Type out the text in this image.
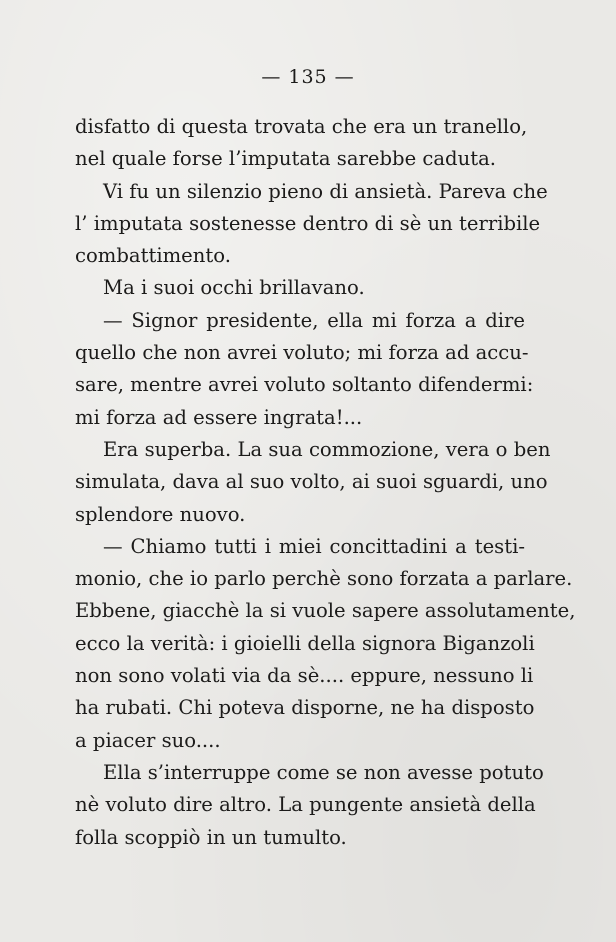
— 135 —
disfatto di questa trovata che era un tranello,
nel quale forse l’imputata sarebbe caduta.
Vi fu un silenzio pieno di ansietà. Pareva che
l’ imputata sostenesse dentro di sè un terribile
combattimento.
Ma i suoi occhi brillavano.
— Signor presidente, ella mi forza a dire
quello che non avrei voluto; mi forza ad accu-
sare, mentre avrei voluto soltanto difendermi:
mi forza ad essere ingrata!...
Era superba. La sua commozione, vera o ben
simulata, dava al suo volto, ai suoi sguardi, uno
splendore nuovo.
— Chiamo tutti i miei concittadini a testi-
monio, che io parlo perchè sono forzata a parlare.
Ebbene, giacchè la si vuole sapere assolutamente,
ecco la verità: i gioielli della signora Biganzoli
non sono volati via da sè.... eppure, nessuno li
ha rubati. Chi poteva disporne, ne ha disposto
a piacer suo....
Ella s’interruppe come se non avesse potuto
nè voluto dire altro. La pungente ansietà della
folla scoppiò in un tumulto.
